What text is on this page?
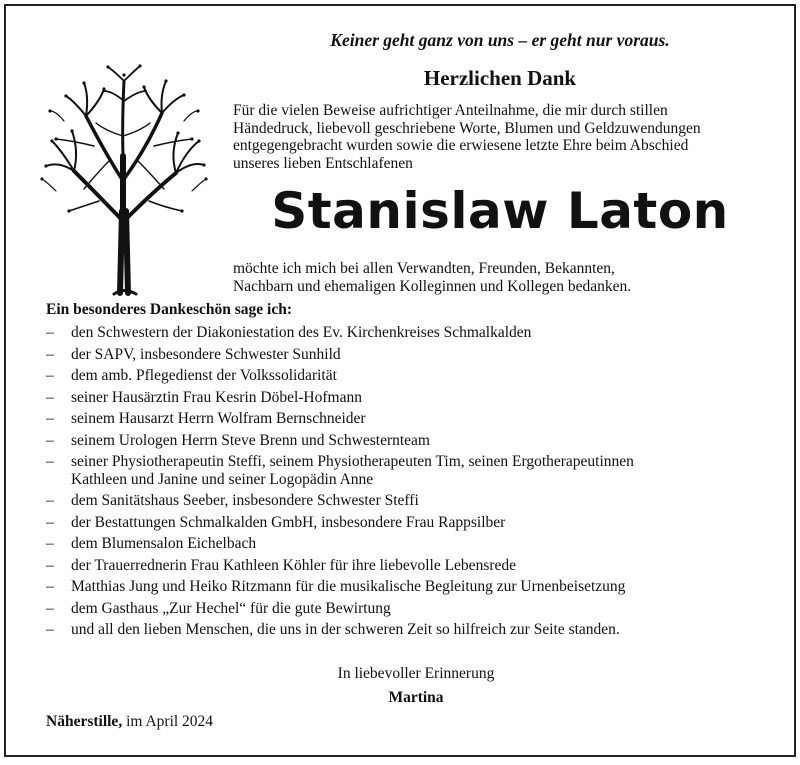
Keiner geht ganz von uns – er geht nur voraus.
Herzlichen Dank
Für die vielen Beweise aufrichtiger Anteilnahme, die mir durch stillen
Händedruck, liebevoll geschriebene Worte, Blumen und Geldzuwendungen
entgegengebracht wurden sowie die erwiesene letzte Ehre beim Abschied
unseres lieben Entschlafenen
Stanislaw Laton
möchte ich mich bei allen Verwandten, Freunden, Bekannten,
Nachbarn und ehemaligen Kolleginnen und Kollegen bedanken.
Ein besonderes Dankeschön sage ich:
–	den Schwestern der Diakoniestation des Ev. Kirchenkreises Schmalkalden
–	der SAPV, insbesondere Schwester Sunhild
–	dem amb. Pflegedienst der Volkssolidarität
–	seiner Hausärztin Frau Kesrin Döbel-Hofmann
–	seinem Hausarzt Herrn Wolfram Bernschneider
–	seinem Urologen Herrn Steve Brenn und Schwesternteam
–	seiner Physiotherapeutin Steffi, seinem Physiotherapeuten Tim, seinen Ergotherapeutinnen
Kathleen und Janine und seiner Logopädin Anne
–	dem Sanitätshaus Seeber, insbesondere Schwester Steffi
–	der Bestattungen Schmalkalden GmbH, insbesondere Frau Rappsilber
–	dem Blumensalon Eichelbach
–	der Trauerrednerin Frau Kathleen Köhler für ihre liebevolle Lebensrede
–	Matthias Jung und Heiko Ritzmann für die musikalische Begleitung zur Urnenbeisetzung
–	dem Gasthaus „Zur Hechel“ für die gute Bewirtung
–	und all den lieben Menschen, die uns in der schweren Zeit so hilfreich zur Seite standen.
In liebevoller Erinnerung
Martina
Näherstille, im April 2024
